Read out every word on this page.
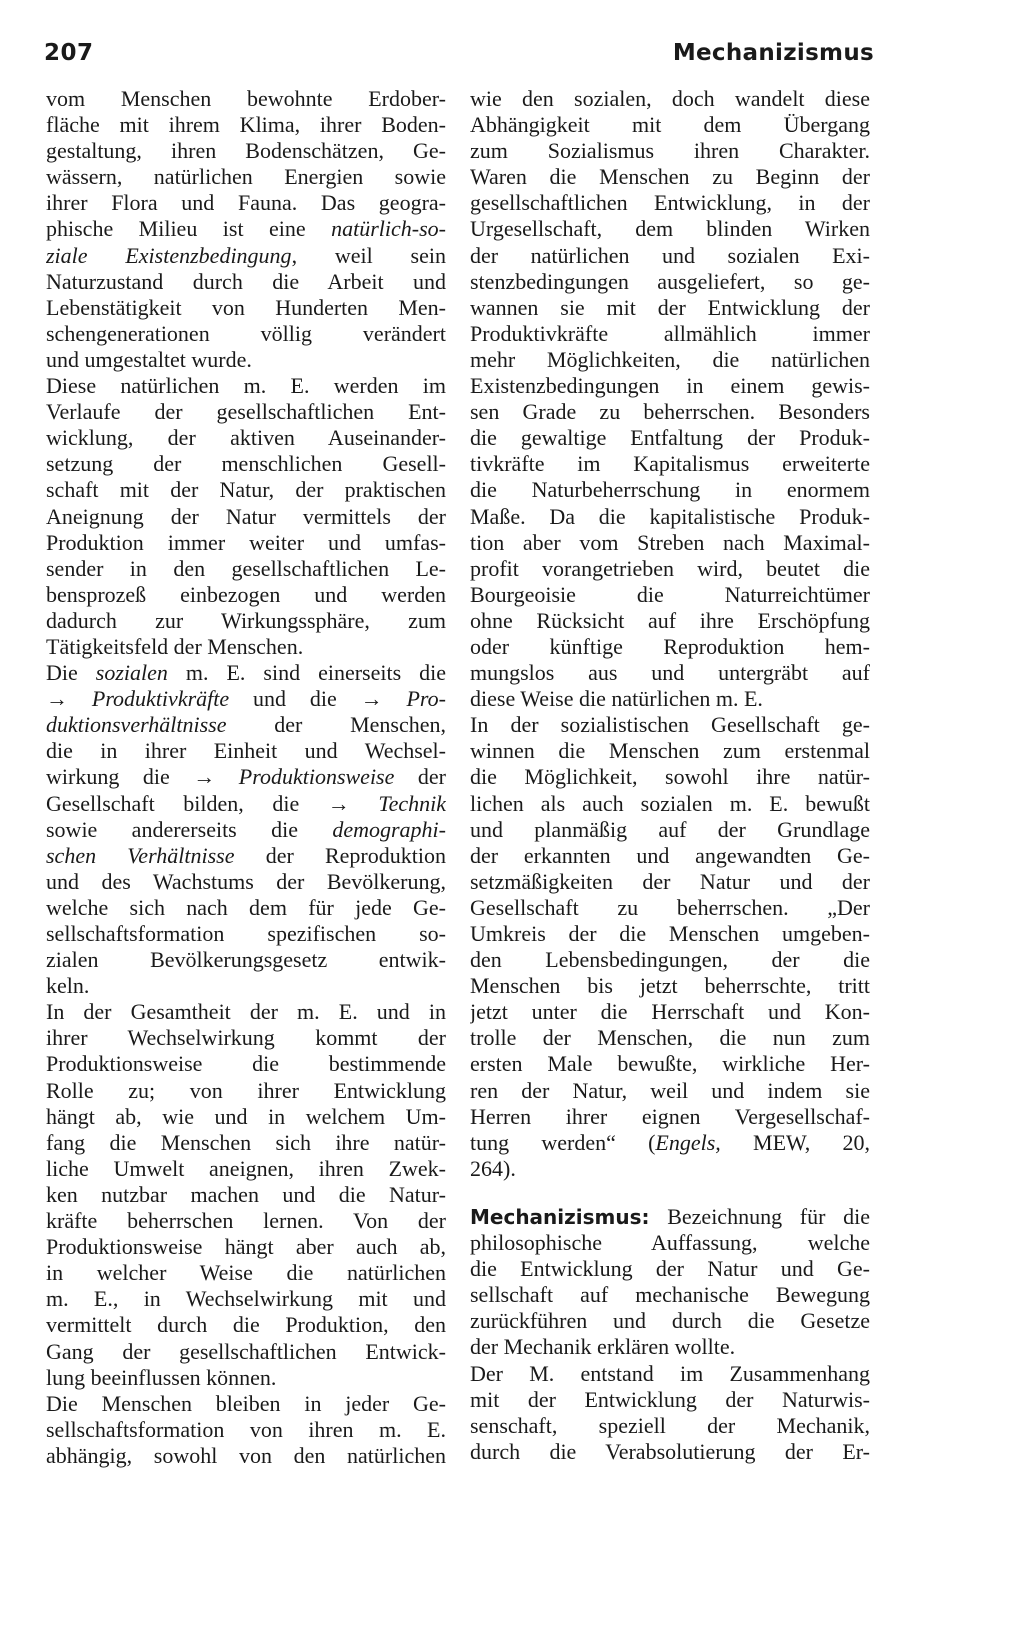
207	Mechanizismus
vom Menschen bewohnte Erdober-
fläche mit ihrem Klima, ihrer Boden-
gestaltung, ihren Bodenschätzen, Ge-
wässern, natürlichen Energien sowie
ihrer Flora und Fauna. Das geogra-
phische Milieu ist eine natürlich-so-
ziale Existenzbedingung, weil sein
Naturzustand durch die Arbeit und
Lebenstätigkeit von Hunderten Men-
schengenerationen völlig verändert
und umgestaltet wurde.
Diese natürlichen m. E. werden im
Verlaufe der gesellschaftlichen Ent-
wicklung, der aktiven Auseinander-
setzung der menschlichen Gesell-
schaft mit der Natur, der praktischen
Aneignung der Natur vermittels der
Produktion immer weiter und umfas-
sender in den gesellschaftlichen Le-
bensprozeß einbezogen und werden
dadurch zur Wirkungssphäre, zum
Tätigkeitsfeld der Menschen.
Die sozialen m. E. sind einerseits die
→ Produktivkräfte und die → Pro-
duktionsverhältnisse der Menschen,
die in ihrer Einheit und Wechsel-
wirkung die → Produktionsweise der
Gesellschaft bilden, die → Technik
sowie andererseits die demographi-
schen Verhältnisse der Reproduktion
und des Wachstums der Bevölkerung,
welche sich nach dem für jede Ge-
sellschaftsformation spezifischen so-
zialen Bevölkerungsgesetz entwik-
keln.
In der Gesamtheit der m. E. und in
ihrer Wechselwirkung kommt der
Produktionsweise die bestimmende
Rolle zu; von ihrer Entwicklung
hängt ab, wie und in welchem Um-
fang die Menschen sich ihre natür-
liche Umwelt aneignen, ihren Zwek-
ken nutzbar machen und die Natur-
kräfte beherrschen lernen. Von der
Produktionsweise hängt aber auch ab,
in welcher Weise die natürlichen
m. E., in Wechselwirkung mit und
vermittelt durch die Produktion, den
Gang der gesellschaftlichen Entwick-
lung beeinflussen können.
Die Menschen bleiben in jeder Ge-
sellschaftsformation von ihren m. E.
abhängig, sowohl von den natürlichen
wie den sozialen, doch wandelt diese
Abhängigkeit mit dem Übergang
zum Sozialismus ihren Charakter.
Waren die Menschen zu Beginn der
gesellschaftlichen Entwicklung, in der
Urgesellschaft, dem blinden Wirken
der natürlichen und sozialen Exi-
stenzbedingungen ausgeliefert, so ge-
wannen sie mit der Entwicklung der
Produktivkräfte allmählich immer
mehr Möglichkeiten, die natürlichen
Existenzbedingungen in einem gewis-
sen Grade zu beherrschen. Besonders
die gewaltige Entfaltung der Produk-
tivkräfte im Kapitalismus erweiterte
die Naturbeherrschung in enormem
Maße. Da die kapitalistische Produk-
tion aber vom Streben nach Maximal-
profit vorangetrieben wird, beutet die
Bourgeoisie die Naturreichtümer
ohne Rücksicht auf ihre Erschöpfung
oder künftige Reproduktion hem-
mungslos aus und untergräbt auf
diese Weise die natürlichen m. E.
In der sozialistischen Gesellschaft ge-
winnen die Menschen zum erstenmal
die Möglichkeit, sowohl ihre natür-
lichen als auch sozialen m. E. bewußt
und planmäßig auf der Grundlage
der erkannten und angewandten Ge-
setzmäßigkeiten der Natur und der
Gesellschaft zu beherrschen. „Der
Umkreis der die Menschen umgeben-
den Lebensbedingungen, der die
Menschen bis jetzt beherrschte, tritt
jetzt unter die Herrschaft und Kon-
trolle der Menschen, die nun zum
ersten Male bewußte, wirkliche Her-
ren der Natur, weil und indem sie
Herren ihrer eignen Vergesellschaf-
tung werden“ (Engels, MEW, 20,
264).
Mechanizismus: Bezeichnung für die
philosophische Auffassung, welche
die Entwicklung der Natur und Ge-
sellschaft auf mechanische Bewegung
zurückführen und durch die Gesetze
der Mechanik erklären wollte.
Der M. entstand im Zusammenhang
mit der Entwicklung der Naturwis-
senschaft, speziell der Mechanik,
durch die Verabsolutierung der Er-
